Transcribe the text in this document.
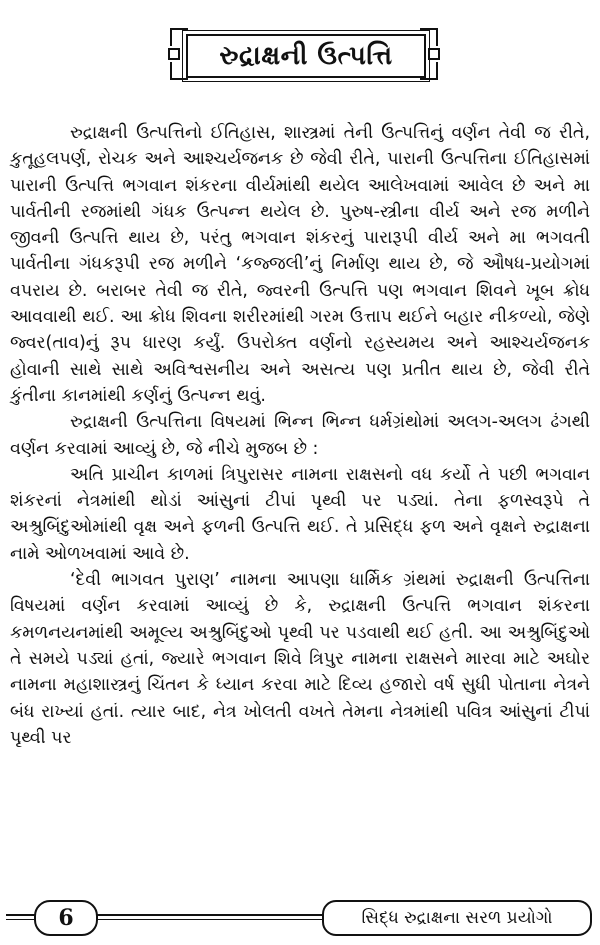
રુદ્રાક્ષની ઉત્પત્તિ

રુદ્રાક્ષની ઉત્પત્તિનો ઈતિહાસ, શાસ્ત્રમાં તેની ઉત્પત્તિનું વર્ણન તેવી જ રીતે, કુતૂહલપર્ણ, રોચક અને આશ્ચર્યજનક છે જેવી રીતે, પારાની ઉત્પત્તિના ઈતિહાસમાં પારાની ઉત્પત્તિ ભગવાન શંકરના વીર્યમાંથી થયેલ આલેખવામાં આવેલ છે અને મા પાર્વતીની રજમાંથી ગંધક ઉત્પન્ન થયેલ છે. પુરુષ-સ્ત્રીના વીર્ય અને રજ મળીને જીવની ઉત્પત્તિ થાય છે, પરંતુ ભગવાન શંકરનું પારારૂપી વીર્ય અને મા ભગવતી પાર્વતીના ગંધકરૂપી રજ મળીને ‘કજ્જલી’નું નિર્માણ થાય છે, જે ઔષધ-પ્રયોગમાં વપરાય છે. બરાબર તેવી જ રીતે, જ્વરની ઉત્પત્તિ પણ ભગવાન શિવને ખૂબ ક્રોધ આવવાથી થઈ. આ ક્રોધ શિવના શરીરમાંથી ગરમ ઉત્તાપ થઈને બહાર નીકળ્યો, જેણે જ્વર(તાવ)નું રૂપ ધારણ કર્યું. ઉપરોક્ત વર્ણનો રહસ્યમય અને આશ્ચર્યજનક હોવાની સાથે સાથે અવિશ્વસનીય અને અસત્ય પણ પ્રતીત થાય છે, જેવી રીતે કુંતીના કાનમાંથી કર્ણનું ઉત્પન્ન થવું.

રુદ્રાક્ષની ઉત્પત્તિના વિષયમાં ભિન્ન ભિન્ન ધર્મગ્રંથોમાં અલગ-અલગ ઢંગથી વર્ણન કરવામાં આવ્યું છે, જે નીચે મુજબ છે :

અતિ પ્રાચીન કાળમાં ત્રિપુરાસર નામના રાક્ષસનો વધ કર્યો તે પછી ભગવાન શંકરનાં નેત્રમાંથી થોડાં આંસુનાં ટીપાં પૃથ્વી પર પડ્યાં. તેના ફળસ્વરૂપે તે અશ્રુબિંદુઓમાંથી વૃક્ષ અને ફળની ઉત્પત્તિ થઈ. તે પ્રસિદ્ધ ફળ અને વૃક્ષને રુદ્રાક્ષના નામે ઓળખવામાં આવે છે.

‘દેવી ભાગવત પુરાણ’ નામના આપણા ધાર્મિક ગ્રંથમાં રુદ્રાક્ષની ઉત્પત્તિના વિષયમાં વર્ણન કરવામાં આવ્યું છે કે, રુદ્રાક્ષની ઉત્પત્તિ ભગવાન શંકરના કમળનયનમાંથી અમૂલ્ય અશ્રુબિંદુઓ પૃથ્વી પર પડવાથી થઈ હતી. આ અશ્રુબિંદુઓ તે સમયે પડ્યાં હતાં, જ્યારે ભગવાન શિવે ત્રિપુર નામના રાક્ષસને મારવા માટે અઘોર નામના મહાશાસ્ત્રનું ચિંતન કે ધ્યાન કરવા માટે દિવ્ય હજારો વર્ષ સુધી પોતાના નેત્રને બંધ રાખ્યાં હતાં. ત્યાર બાદ, નેત્ર ખોલતી વખતે તેમના નેત્રમાંથી પવિત્ર આંસુનાં ટીપાં પૃથ્વી પર

6	સિદ્ધ રુદ્રાક્ષના સરળ પ્રયોગો
